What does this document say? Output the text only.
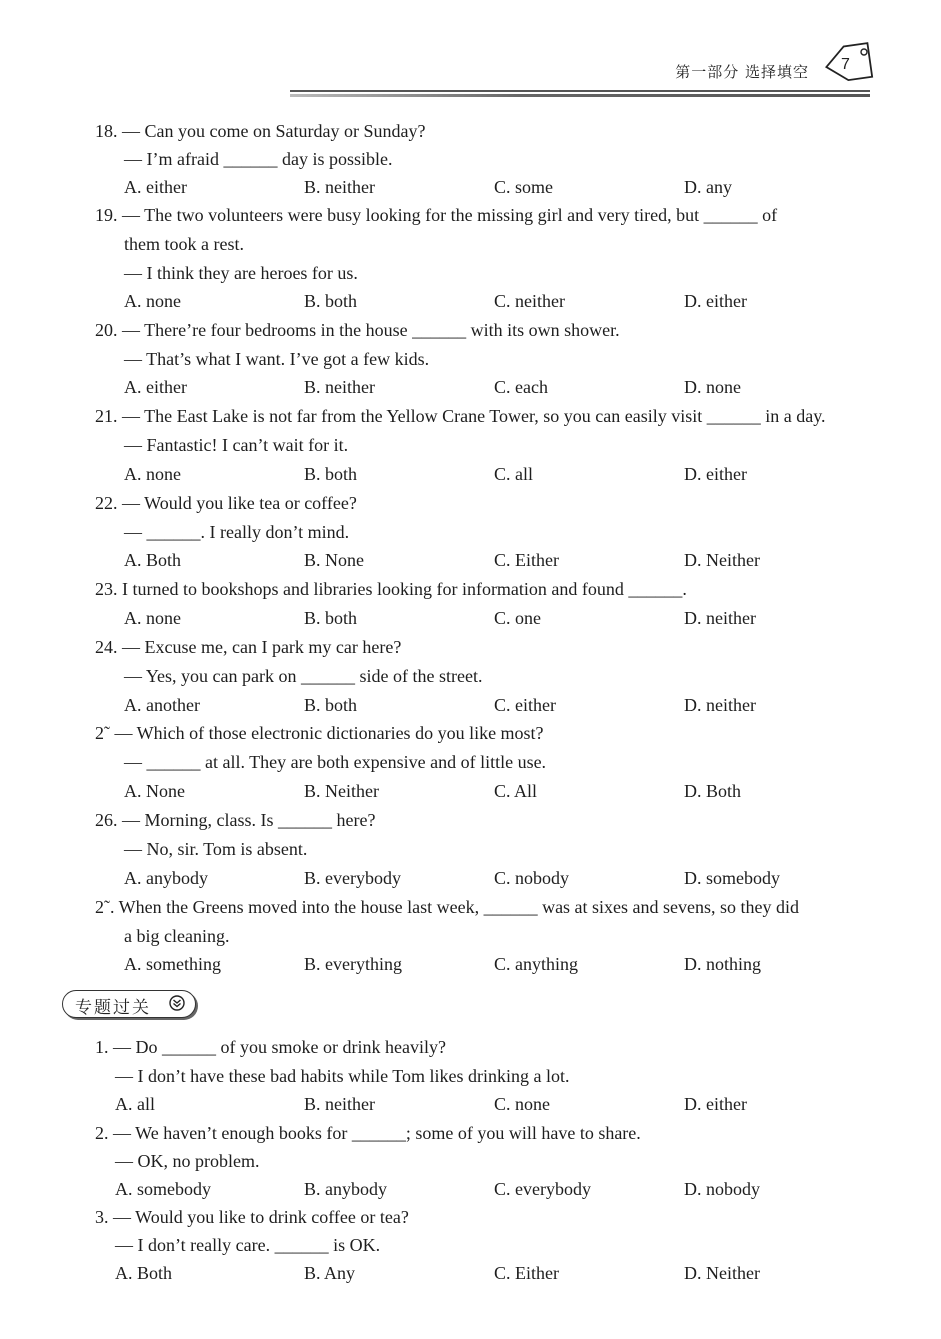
第一部分 选择填空 7
18. — Can you come on Saturday or Sunday?
— I’m afraid ______ day is possible.
A. either	B. neither	C. some	D. any
19. — The two volunteers were busy looking for the missing girl and very tired, but ______ of
them took a rest.
— I think they are heroes for us.
A. none	B. both	C. neither	D. either
20. — There’re four bedrooms in the house ______ with its own shower.
— That’s what I want. I’ve got a few kids.
A. either	B. neither	C. each	D. none
21. — The East Lake is not far from the Yellow Crane Tower, so you can easily visit ______ in a day.
— Fantastic! I can’t wait for it.
A. none	B. both	C. all	D. either
22. — Would you like tea or coffee?
— ______. I really don’t mind.
A. Both	B. None	C. Either	D. Neither
23. I turned to bookshops and libraries looking for information and found ______.
A. none	B. both	C. one	D. neither
24. — Excuse me, can I park my car here?
— Yes, you can park on ______ side of the street.
A. another	B. both	C. either	D. neither
2˜ — Which of those electronic dictionaries do you like most?
— ______ at all. They are both expensive and of little use.
A. None	B. Neither	C. All	D. Both
26. — Morning, class. Is ______ here?
— No, sir. Tom is absent.
A. anybody	B. everybody	C. nobody	D. somebody
2˜. When the Greens moved into the house last week, ______ was at sixes and sevens, so they did
a big cleaning.
A. something	B. everything	C. anything	D. nothing
1. — Do ______ of you smoke or drink heavily?
— I don’t have these bad habits while Tom likes drinking a lot.
A. all	B. neither	C. none	D. either
2. — We haven’t enough books for ______; some of you will have to share.
— OK, no problem.
A. somebody	B. anybody	C. everybody	D. nobody
3. — Would you like to drink coffee or tea?
— I don’t really care. ______ is OK.
A. Both	B. Any	C. Either	D. Neither
专题过关
